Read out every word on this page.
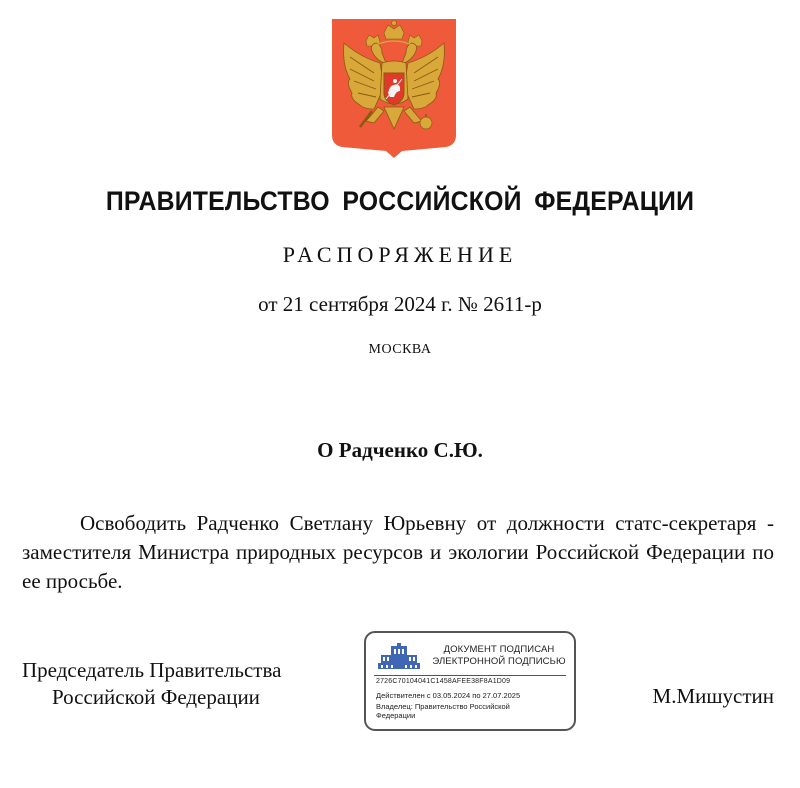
ПРАВИТЕЛЬСТВО РОССИЙСКОЙ ФЕДЕРАЦИИ
РАСПОРЯЖЕНИЕ
от 21 сентября 2024 г. № 2611-р
МОСКВА
О Радченко С.Ю.
Освободить Радченко Светлану Юрьевну от должности статс-секретаря - заместителя Министра природных ресурсов и экологии Российской Федерации по ее просьбе.
Председатель Правительства
Российской Федерации
ДОКУМЕНТ ПОДПИСАН
ЭЛЕКТРОННОЙ ПОДПИСЬЮ
2726C70104041C1458AFEE38F8A1D09
Действителен с 03.05.2024 по 27.07.2025
Владелец: Правительство Российской Федерации
М.Мишустин
